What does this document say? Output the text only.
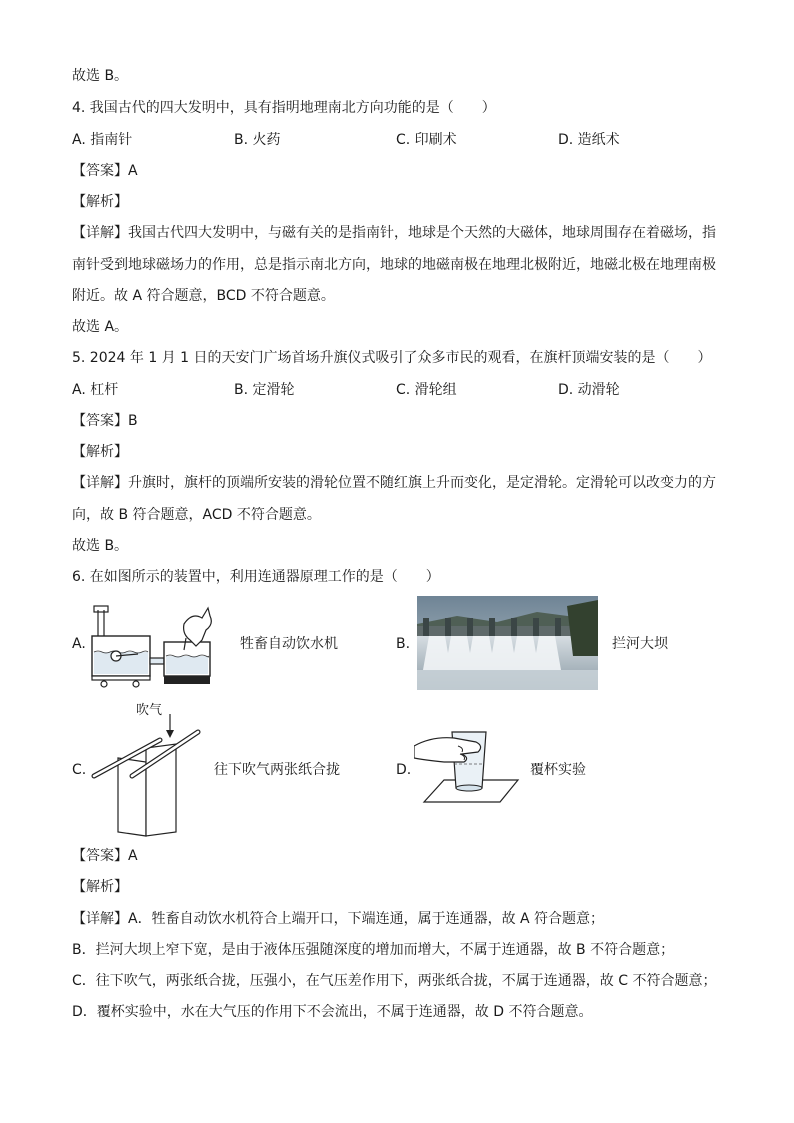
故选 B。
4. 我国古代的四大发明中，具有指明地理南北方向功能的是（　　）
A. 指南针	B. 火药	C. 印刷术	D. 造纸术
【答案】A
【解析】
【详解】我国古代四大发明中，与磁有关的是指南针，地球是个天然的大磁体，地球周围存在着磁场，指
南针受到地球磁场力的作用，总是指示南北方向，地球的地磁南极在地理北极附近，地磁北极在地理南极
附近。故 A 符合题意，BCD 不符合题意。
故选 A。
5. 2024 年 1 月 1 日的天安门广场首场升旗仪式吸引了众多市民的观看，在旗杆顶端安装的是（　　）
A. 杠杆	B. 定滑轮	C. 滑轮组	D. 动滑轮
【答案】B
【解析】
【详解】升旗时，旗杆的顶端所安装的滑轮位置不随红旗上升而变化，是定滑轮。定滑轮可以改变力的方
向，故 B 符合题意，ACD 不符合题意。
故选 B。
6. 在如图所示的装置中，利用连通器原理工作的是（　　）
A.	牲畜自动饮水机	B.	拦河大坝
吹气
C.	往下吹气两张纸合拢	D.	覆杯实验
【答案】A
【解析】
【详解】A．牲畜自动饮水机符合上端开口，下端连通，属于连通器，故 A 符合题意；
B．拦河大坝上窄下宽，是由于液体压强随深度的增加而增大，不属于连通器，故 B 不符合题意；
C．往下吹气，两张纸合拢，压强小，在气压差作用下，两张纸合拢，不属于连通器，故 C 不符合题意；
D．覆杯实验中，水在大气压的作用下不会流出，不属于连通器，故 D 不符合题意。
